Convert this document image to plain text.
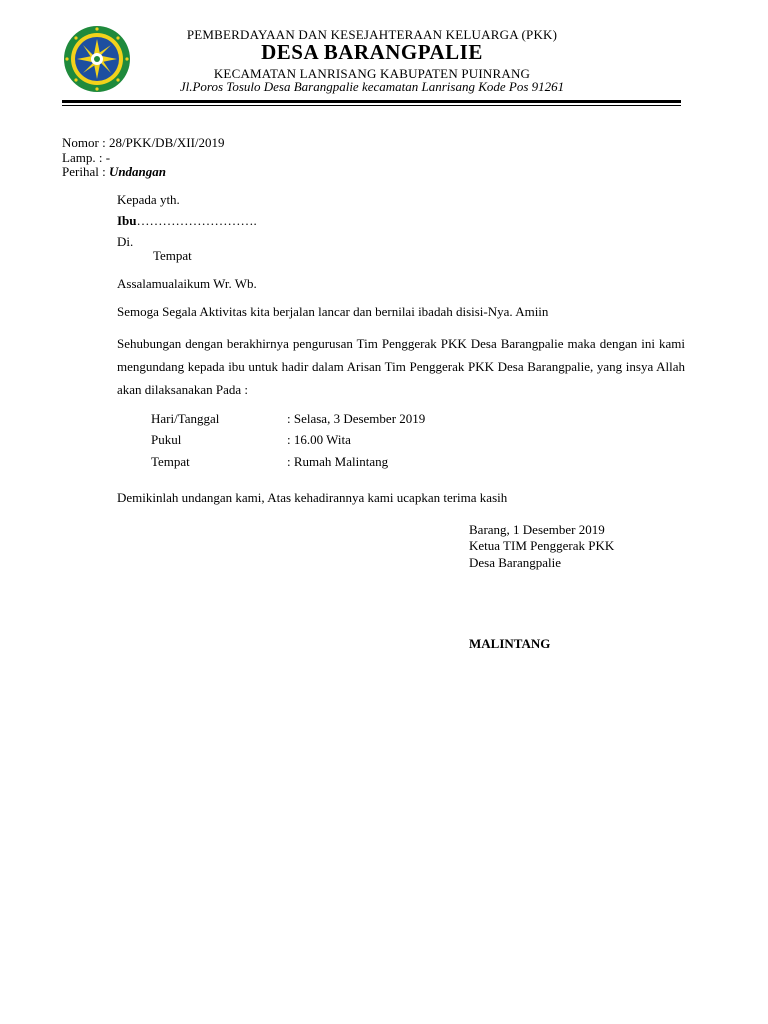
PEMBERDAYAAN DAN KESEJAHTERAAN KELUARGA (PKK)
DESA BARANGPALIE
KECAMATAN LANRISANG KABUPATEN PUINRANG
Jl.Poros Tosulo Desa Barangpalie kecamatan Lanrisang Kode Pos 91261
Nomor : 28/PKK/DB/XII/2019
Lamp. : -
Perihal : Undangan
Kepada yth.
Ibu……………………….
Di.
Tempat
Assalamualaikum Wr. Wb.
Semoga Segala Aktivitas kita berjalan lancar dan bernilai ibadah disisi-Nya. Amiin
Sehubungan dengan berakhirnya pengurusan Tim Penggerak PKK Desa Barangpalie maka dengan ini kami mengundang kepada ibu untuk hadir dalam Arisan Tim Penggerak PKK Desa Barangpalie, yang insya Allah akan dilaksanakan Pada :
Hari/Tanggal	: Selasa, 3 Desember 2019
Pukul	: 16.00 Wita
Tempat	: Rumah Malintang
Demikinlah undangan kami, Atas kehadirannya kami ucapkan terima kasih
Barang, 1 Desember 2019
Ketua TIM Penggerak PKK
Desa Barangpalie
MALINTANG
